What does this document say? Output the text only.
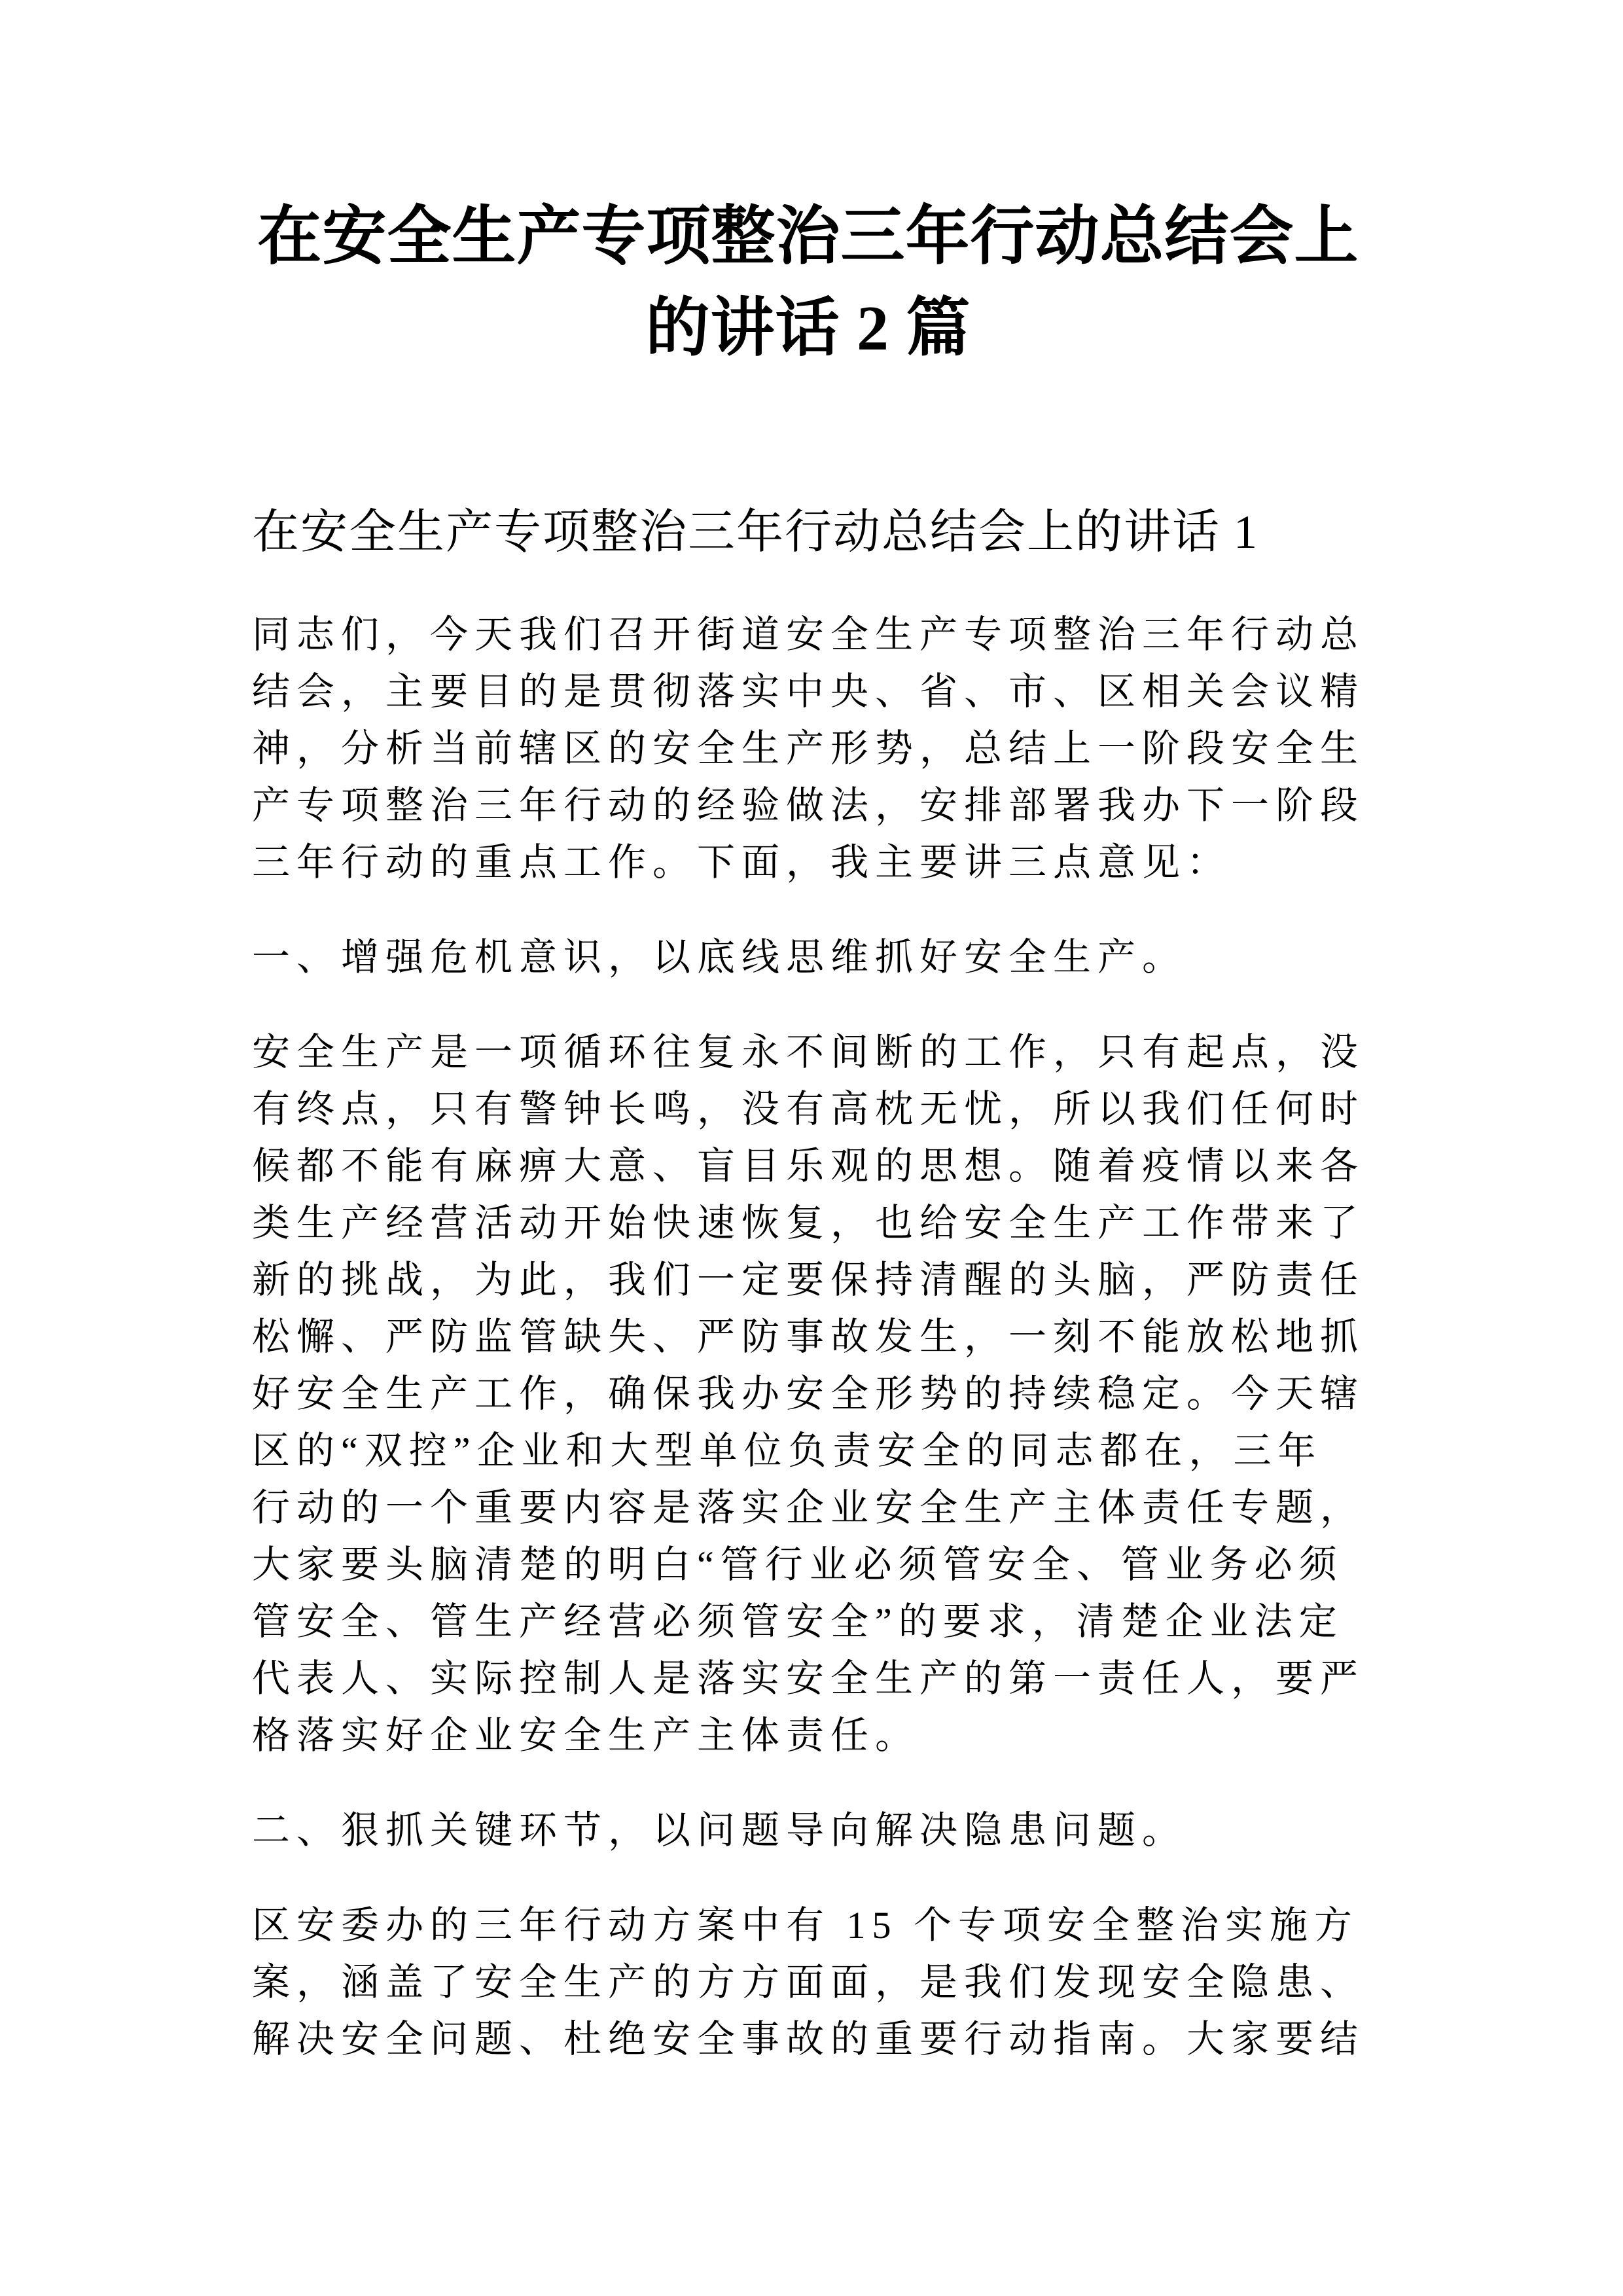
在安全生产专项整治三年行动总结会上的讲话 2 篇
在安全生产专项整治三年行动总结会上的讲话 1

同志们，今天我们召开街道安全生产专项整治三年行动总结会，主要目的是贯彻落实中央、省、市、区相关会议精神，分析当前辖区的安全生产形势，总结上一阶段安全生产专项整治三年行动的经验做法，安排部署我办下一阶段三年行动的重点工作。下面，我主要讲三点意见：

一、增强危机意识，以底线思维抓好安全生产。

安全生产是一项循环往复永不间断的工作，只有起点，没有终点，只有警钟长鸣，没有高枕无忧，所以我们任何时候都不能有麻痹大意、盲目乐观的思想。随着疫情以来各类生产经营活动开始快速恢复，也给安全生产工作带来了新的挑战，为此，我们一定要保持清醒的头脑，严防责任松懈、严防监管缺失、严防事故发生，一刻不能放松地抓好安全生产工作，确保我办安全形势的持续稳定。今天辖区的“双控”企业和大型单位负责安全的同志都在，三年行动的一个重要内容是落实企业安全生产主体责任专题，大家要头脑清楚的明白“管行业必须管安全、管业务必须管安全、管生产经营必须管安全”的要求，清楚企业法定代表人、实际控制人是落实安全生产的第一责任人，要严格落实好企业安全生产主体责任。

二、狠抓关键环节，以问题导向解决隐患问题。

区安委办的三年行动方案中有 15 个专项安全整治实施方案，涵盖了安全生产的方方面面，是我们发现安全隐患、解决安全问题、杜绝安全事故的重要行动指南。大家要结
